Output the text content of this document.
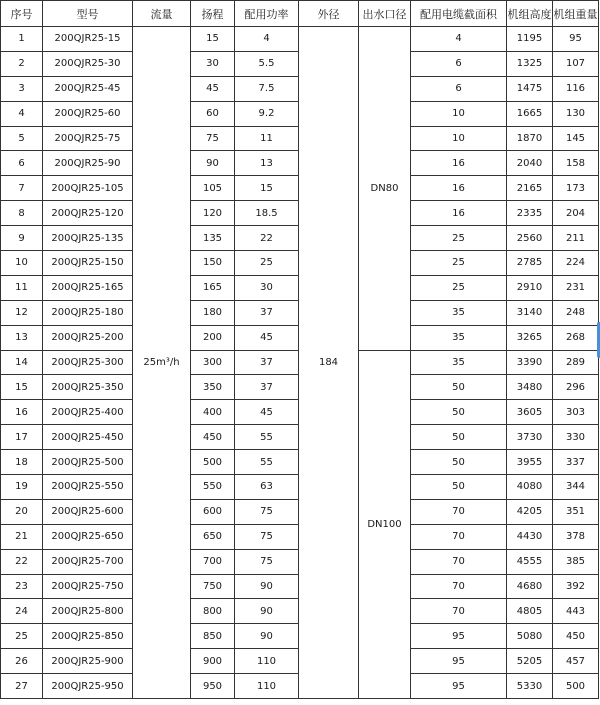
序号	型号	流量	扬程	配用功率	外径	出水口径	配用电缆截面积	机组高度	机组重量
1	200QJR25-15	25m³/h	15	4	184	DN80	4	1195	95
2	200QJR25-30		30	5.5			6	1325	107
3	200QJR25-45		45	7.5			6	1475	116
4	200QJR25-60		60	9.2			10	1665	130
5	200QJR25-75		75	11			10	1870	145
6	200QJR25-90		90	13			16	2040	158
7	200QJR25-105		105	15			16	2165	173
8	200QJR25-120		120	18.5			16	2335	204
9	200QJR25-135		135	22			25	2560	211
10	200QJR25-150		150	25			25	2785	224
11	200QJR25-165		165	30			25	2910	231
12	200QJR25-180		180	37			35	3140	248
13	200QJR25-200		200	45			35	3265	268
14	200QJR25-300		300	37		DN100	35	3390	289
15	200QJR25-350		350	37			50	3480	296
16	200QJR25-400		400	45			50	3605	303
17	200QJR25-450		450	55			50	3730	330
18	200QJR25-500		500	55			50	3955	337
19	200QJR25-550		550	63			50	4080	344
20	200QJR25-600		600	75			70	4205	351
21	200QJR25-650		650	75			70	4430	378
22	200QJR25-700		700	75			70	4555	385
23	200QJR25-750		750	90			70	4680	392
24	200QJR25-800		800	90			70	4805	443
25	200QJR25-850		850	90			95	5080	450
26	200QJR25-900		900	110			95	5205	457
27	200QJR25-950		950	110			95	5330	500
